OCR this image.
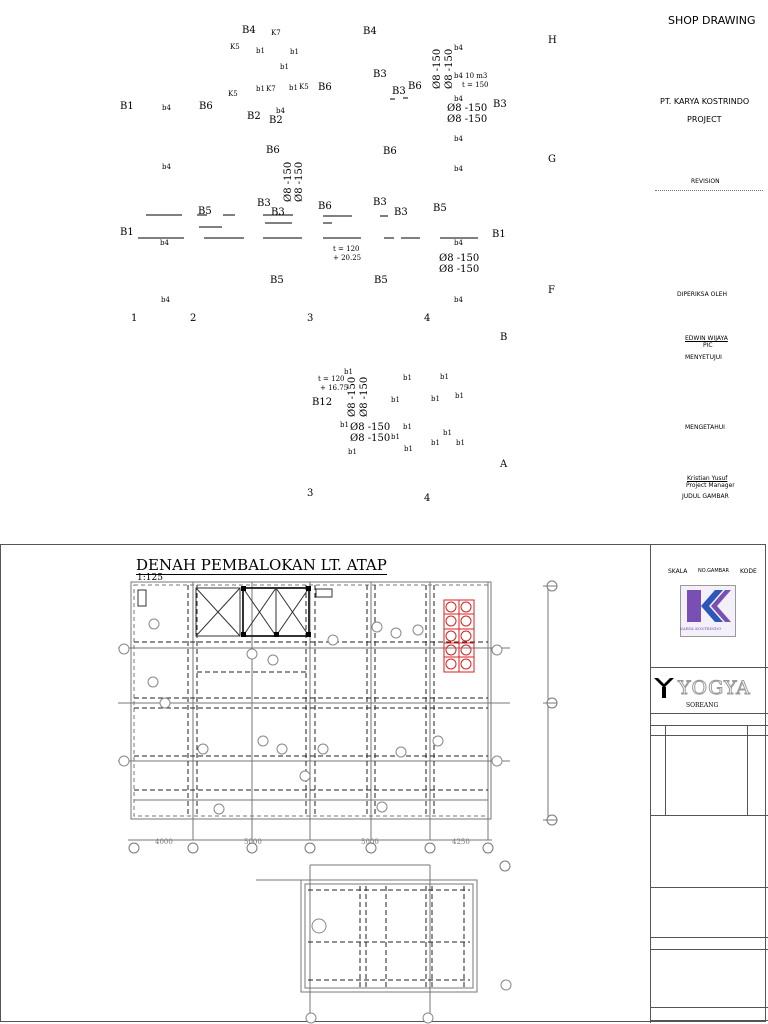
SHOP DRAWING
PT. KARYA KOSTRINDO
PROJECT
REVISION
DIPERIKSA OLEH
EDWIN WIJAYA
PIC
MENYETUJUI
MENGETAHUI
Kristian Yusuf
Project Manager
JUDUL GAMBAR
H
G
F
B
A
1	2	3	4
3	4
B4 K7	B4
K5 b1	b1
b1
B3
K5
b1 K7 b1 K5 B6	B3 B6
B3
B1	b4	B6
B2 b4
B2
b4
b4
b4
b4
B6	B6
b4
B3
B5	B3
B6	B3
B3	B5
B1
b4	b4
B1
B5	B5
b4	b4
B12
b4 10 m3
t = 150
t = 120
+ 20.25
t = 120
+ 16.75
Ø8 -150
Ø8 -150
Ø8 -150
Ø8 -150
Ø8 -150
Ø8 -150
Ø8 -150 Ø8 -150
Ø8 -150 Ø8 -150
Ø8 -150 Ø8 -150
b1
b1	b1
b1	b1 b1
b1	b1
b1
b1
b1 b1
b1	b1
DENAH PEMBALOKAN LT. ATAP
1:125
4000	5000	5000	4250
SKALA NO.GAMBAR KODE
KARYA KOSTRINDO
YOGYA
SOREANG
